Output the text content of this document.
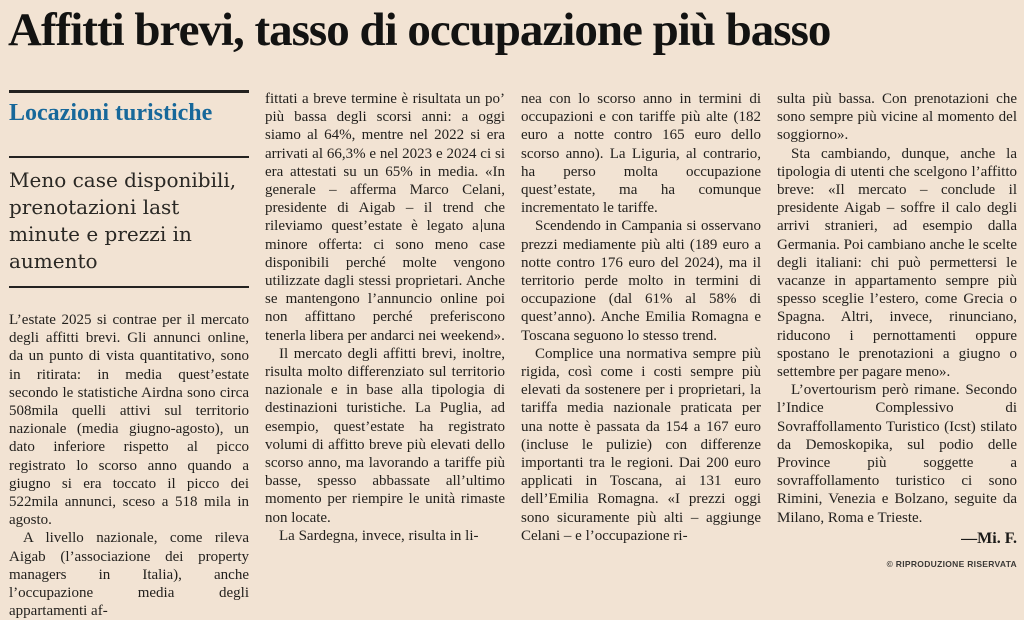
Affitti brevi, tasso di occupazione più basso
Locazioni turistiche
Meno case disponibili, prenotazioni last minute e prezzi in aumento

L’estate 2025 si contrae per il mercato degli affitti brevi. Gli annunci online, da un punto di vista quantitativo, sono in ritirata: in media quest’estate secondo le statistiche Airdna sono circa 508mila quelli attivi sul territorio nazionale (media giugno-agosto), un dato inferiore rispetto al picco registrato lo scorso anno quando a giugno si era toccato il picco dei 522mila annunci, sceso a 518 mila in agosto.

A livello nazionale, come rileva Aigab (l’associazione dei property managers in Italia), anche l’occupazione media degli appartamenti af-

fittati a breve termine è risultata un po’ più bassa degli scorsi anni: a oggi siamo al 64%, mentre nel 2022 si era arrivati al 66,3% e nel 2023 e 2024 ci si era attestati su un 65% in media. «In generale – afferma Marco Celani, presidente di Aigab – il trend che rileviamo quest’estate è legato a una minore offerta: ci sono meno case disponibili perché molte vengono utilizzate dagli stessi proprietari. Anche se mantengono l’annuncio online poi non affittano perché preferiscono tenerla libera per andarci nei weekend».

Il mercato degli affitti brevi, inoltre, risulta molto differenziato sul territorio nazionale e in base alla tipologia di destinazioni turistiche. La Puglia, ad esempio, quest’estate ha registrato volumi di affitto breve più elevati dello scorso anno, ma lavorando a tariffe più basse, spesso abbassate all’ultimo momento per riempire le unità rimaste non locate.

La Sardegna, invece, risulta in li-

nea con lo scorso anno in termini di occupazioni e con tariffe più alte (182 euro a notte contro 165 euro dello scorso anno). La Liguria, al contrario, ha perso molta occupazione quest’estate, ma ha comunque incrementato le tariffe.

Scendendo in Campania si osservano prezzi mediamente più alti (189 euro a notte contro 176 euro del 2024), ma il territorio perde molto in termini di occupazione (dal 61% al 58% di quest’anno). Anche Emilia Romagna e Toscana seguono lo stesso trend.

Complice una normativa sempre più rigida, così come i costi sempre più elevati da sostenere per i proprietari, la tariffa media nazionale praticata per una notte è passata da 154 a 167 euro (incluse le pulizie) con differenze importanti tra le regioni. Dai 200 euro applicati in Toscana, ai 131 euro dell’Emilia Romagna. «I prezzi oggi sono sicuramente più alti – aggiunge Celani – e l’occupazione ri-

sulta più bassa. Con prenotazioni che sono sempre più vicine al momento del soggiorno».

Sta cambiando, dunque, anche la tipologia di utenti che scelgono l’affitto breve: «Il mercato – conclude il presidente Aigab – soffre il calo degli arrivi stranieri, ad esempio dalla Germania. Poi cambiano anche le scelte degli italiani: chi può permettersi le vacanze in appartamento sempre più spesso sceglie l’estero, come Grecia o Spagna. Altri, invece, rinunciano, riducono i pernottamenti oppure spostano le prenotazioni a giugno o settembre per pagare meno».

L’overtourism però rimane. Secondo l’Indice Complessivo di Sovraffollamento Turistico (Icst) stilato da Demoskopika, sul podio delle Province più soggette a sovraffollamento turistico ci sono Rimini, Venezia e Bolzano, seguite da Milano, Roma e Trieste.

—Mi. F.
© RIPRODUZIONE RISERVATA
